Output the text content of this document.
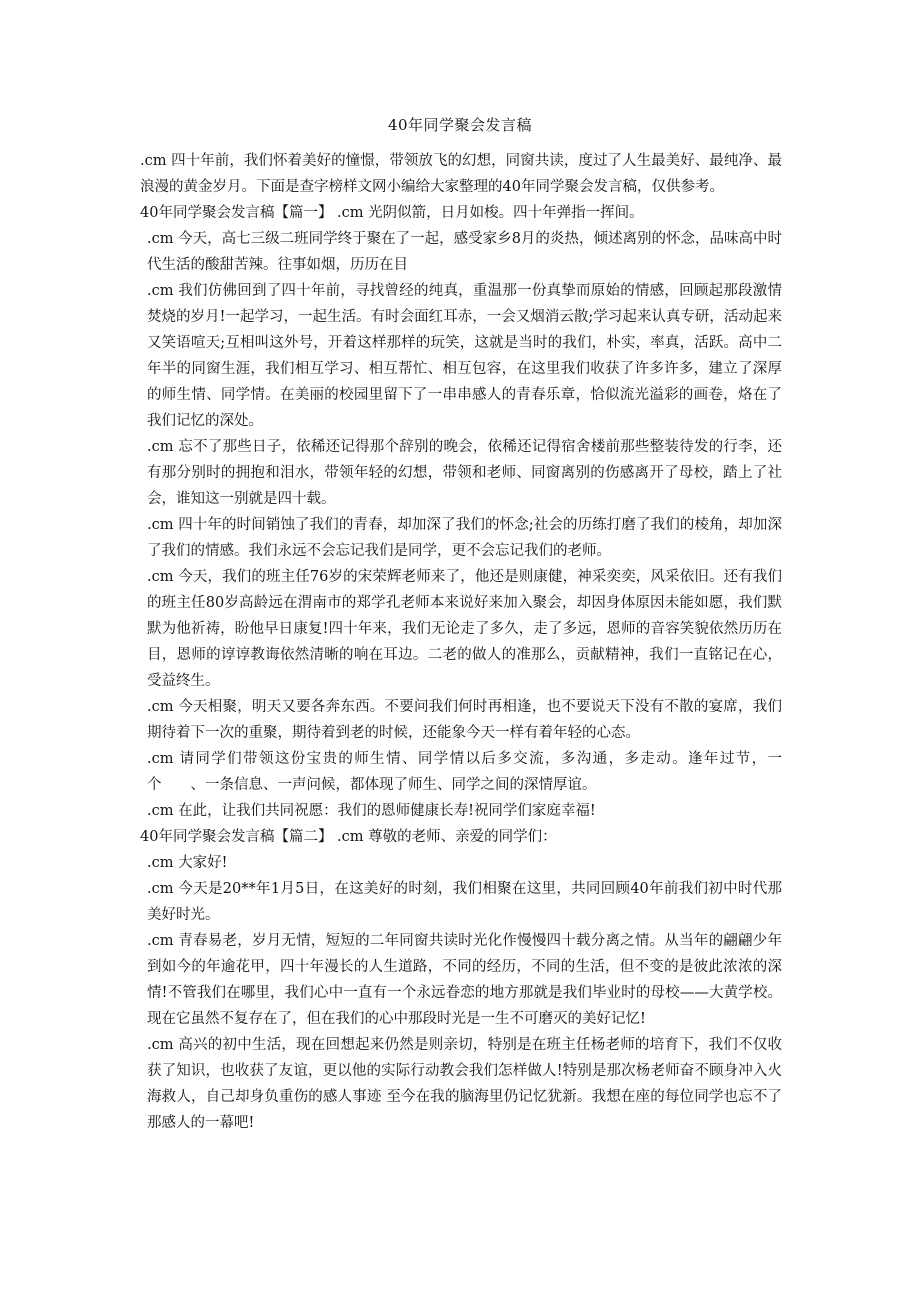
40年同学聚会发言稿

.cm 四十年前，我们怀着美好的憧憬，带领放飞的幻想，同窗共读，度过了人生最美好、最纯净、最浪漫的黄金岁月。下面是查字榜样文网小编给大家整理的40年同学聚会发言稿，仅供参考。

40年同学聚会发言稿【篇一】 .cm 光阴似箭，日月如梭。四十年弹指一挥间。

.cm 今天，高七三级二班同学终于聚在了一起，感受家乡8月的炎热，倾述离别的怀念，品味高中时代生活的酸甜苦辣。往事如烟，历历在目

.cm 我们仿佛回到了四十年前，寻找曾经的纯真，重温那一份真挚而原始的情感，回顾起那段激情焚烧的岁月!一起学习，一起生活。有时会面红耳赤，一会又烟消云散;学习起来认真专研，活动起来又笑语喧天;互相叫这外号，开着这样那样的玩笑，这就是当时的我们，朴实，率真，活跃。高中二年半的同窗生涯，我们相互学习、相互帮忙、相互包容，在这里我们收获了许多许多，建立了深厚的师生情、同学情。在美丽的校园里留下了一串串感人的青春乐章，恰似流光溢彩的画卷，烙在了我们记忆的深处。

.cm 忘不了那些日子，依稀还记得那个辞别的晚会，依稀还记得宿舍楼前那些整装待发的行李，还有那分别时的拥抱和泪水，带领年轻的幻想，带领和老师、同窗离别的伤感离开了母校，踏上了社会，谁知这一别就是四十载。

.cm 四十年的时间销蚀了我们的青春，却加深了我们的怀念;社会的历练打磨了我们的棱角，却加深了我们的情感。我们永远不会忘记我们是同学，更不会忘记我们的老师。

.cm 今天，我们的班主任76岁的宋荣辉老师来了，他还是则康健，神采奕奕，风采依旧。还有我们的班主任80岁高龄远在渭南市的郑学孔老师本来说好来加入聚会，却因身体原因未能如愿，我们默默为他祈祷，盼他早日康复!四十年来，我们无论走了多久，走了多远，恩师的音容笑貌依然历历在目，恩师的谆谆教诲依然清晰的响在耳边。二老的做人的准那么，贡献精神，我们一直铭记在心，受益终生。

.cm 今天相聚，明天又要各奔东西。不要问我们何时再相逢，也不要说天下没有不散的宴席，我们期待着下一次的重聚，期待着到老的时候，还能象今天一样有着年轻的心态。

.cm 请同学们带领这份宝贵的师生情、同学情以后多交流，多沟通，多走动。逢年过节，一个　　、一条信息、一声问候，都体现了师生、同学之间的深情厚谊。

.cm 在此，让我们共同祝愿：我们的恩师健康长寿!祝同学们家庭幸福!

40年同学聚会发言稿【篇二】 .cm 尊敬的老师、亲爱的同学们：

.cm 大家好!

.cm 今天是20**年1月5日，在这美好的时刻，我们相聚在这里，共同回顾40年前我们初中时代那美好时光。

.cm 青春易老，岁月无情，短短的二年同窗共读时光化作慢慢四十载分离之情。从当年的翩翩少年到如今的年逾花甲，四十年漫长的人生道路，不同的经历，不同的生活，但不变的是彼此浓浓的深情!不管我们在哪里，我们心中一直有一个永远眷恋的地方那就是我们毕业时的母校——大黄学校。现在它虽然不复存在了，但在我们的心中那段时光是一生不可磨灭的美好记忆!

.cm 高兴的初中生活，现在回想起来仍然是则亲切，特别是在班主任杨老师的培育下，我们不仅收获了知识，也收获了友谊，更以他的实际行动教会我们怎样做人!特别是那次杨老师奋不顾身冲入火海救人，自己却身负重伤的感人事迹 至今在我的脑海里仍记忆犹新。我想在座的每位同学也忘不了那感人的一幕吧!
